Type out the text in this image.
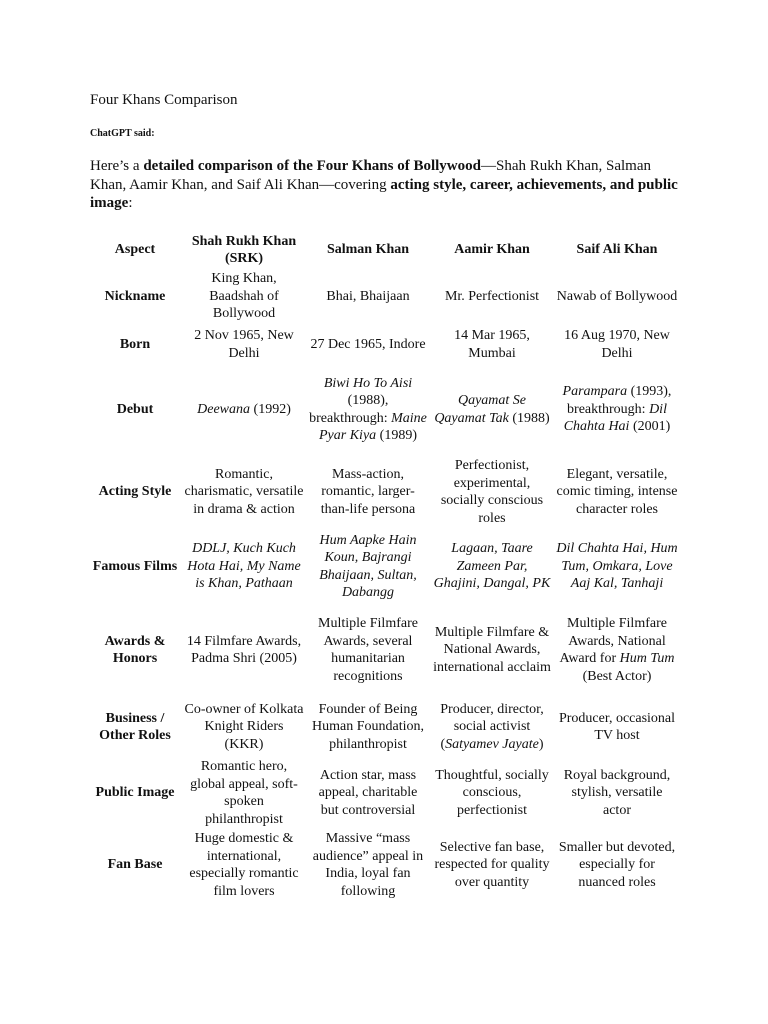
Four Khans Comparison
ChatGPT said:
Here’s a detailed comparison of the Four Khans of Bollywood—Shah Rukh Khan, Salman Khan, Aamir Khan, and Saif Ali Khan—covering acting style, career, achievements, and public image:
Aspect	Shah Rukh Khan (SRK)	Salman Khan	Aamir Khan	Saif Ali Khan
Nickname	King Khan, Baadshah of Bollywood	Bhai, Bhaijaan	Mr. Perfectionist	Nawab of Bollywood
Born	2 Nov 1965, New Delhi	27 Dec 1965, Indore	14 Mar 1965, Mumbai	16 Aug 1970, New Delhi
Debut	Deewana (1992)	Biwi Ho To Aisi (1988), breakthrough: Maine Pyar Kiya (1989)	Qayamat Se Qayamat Tak (1988)	Parampara (1993), breakthrough: Dil Chahta Hai (2001)
Acting Style	Romantic, charismatic, versatile in drama & action	Mass-action, romantic, larger-than-life persona	Perfectionist, experimental, socially conscious roles	Elegant, versatile, comic timing, intense character roles
Famous Films	DDLJ, Kuch Kuch Hota Hai, My Name is Khan, Pathaan	Hum Aapke Hain Koun, Bajrangi Bhaijaan, Sultan, Dabangg	Lagaan, Taare Zameen Par, Ghajini, Dangal, PK	Dil Chahta Hai, Hum Tum, Omkara, Love Aaj Kal, Tanhaji
Awards & Honors	14 Filmfare Awards, Padma Shri (2005)	Multiple Filmfare Awards, several humanitarian recognitions	Multiple Filmfare & National Awards, international acclaim	Multiple Filmfare Awards, National Award for Hum Tum (Best Actor)
Business / Other Roles	Co-owner of Kolkata Knight Riders (KKR)	Founder of Being Human Foundation, philanthropist	Producer, director, social activist (Satyamev Jayate)	Producer, occasional TV host
Public Image	Romantic hero, global appeal, soft-spoken philanthropist	Action star, mass appeal, charitable but controversial	Thoughtful, socially conscious, perfectionist	Royal background, stylish, versatile actor
Fan Base	Huge domestic & international, especially romantic film lovers	Massive “mass audience” appeal in India, loyal fan following	Selective fan base, respected for quality over quantity	Smaller but devoted, especially for nuanced roles
